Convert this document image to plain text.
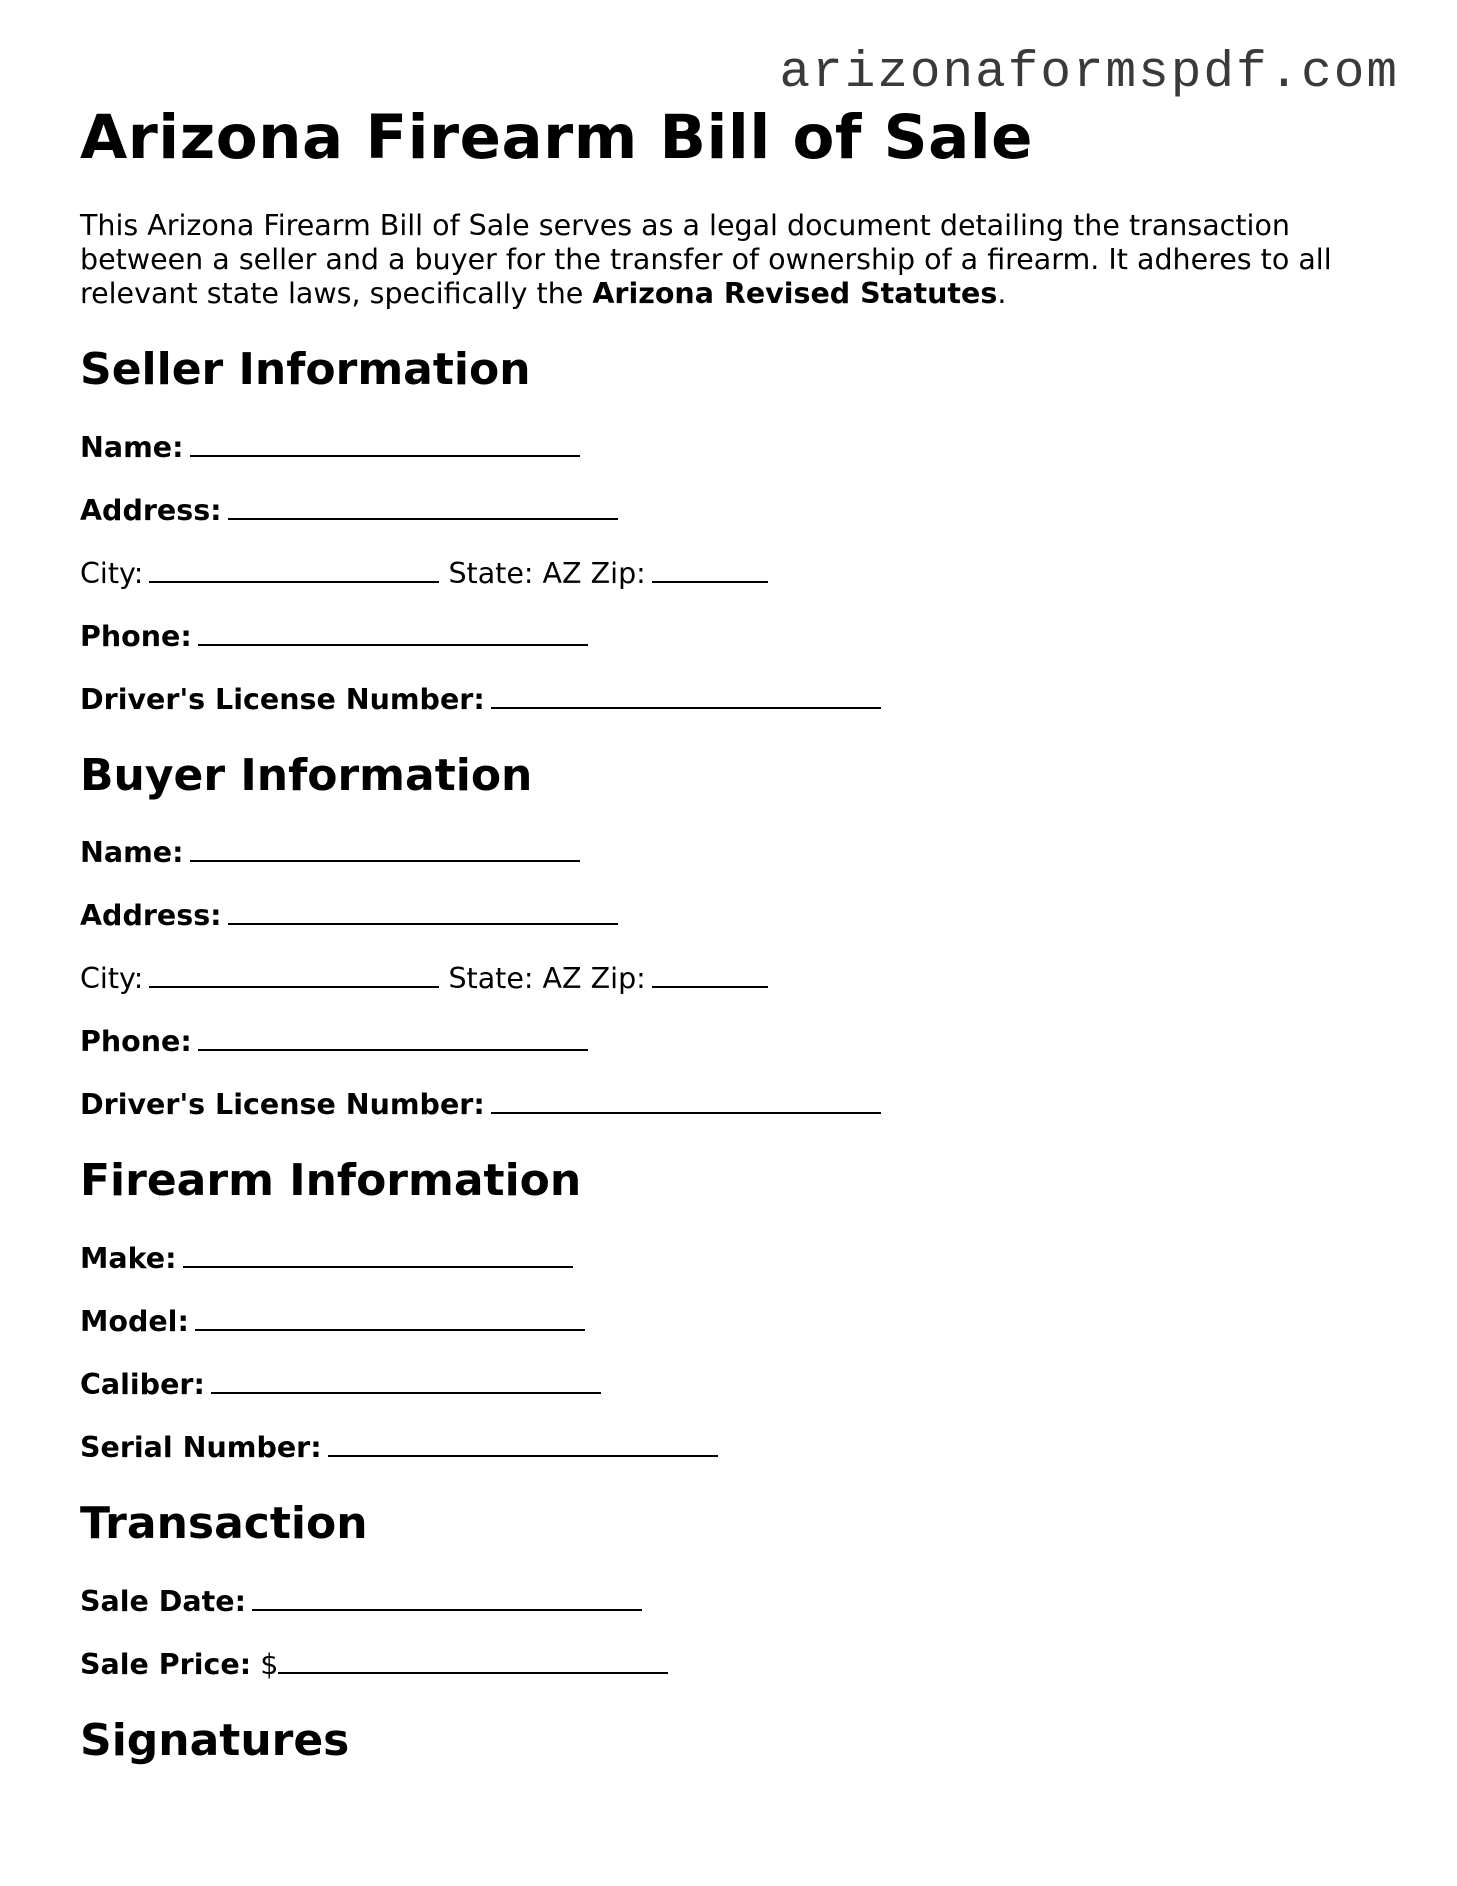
arizonaformspdf.com
Arizona Firearm Bill of Sale

This Arizona Firearm Bill of Sale serves as a legal document detailing the transaction between a seller and a buyer for the transfer of ownership of a firearm. It adheres to all relevant state laws, specifically the Arizona Revised Statutes.

Seller Information
Name:
Address:
City:	State: AZ Zip:
Phone:
Driver's License Number:
Buyer Information
Name:
Address:
City:	State: AZ Zip:
Phone:
Driver's License Number:
Firearm Information
Make:
Model:
Caliber:
Serial Number:
Transaction
Sale Date:
Sale Price: $
Signatures
